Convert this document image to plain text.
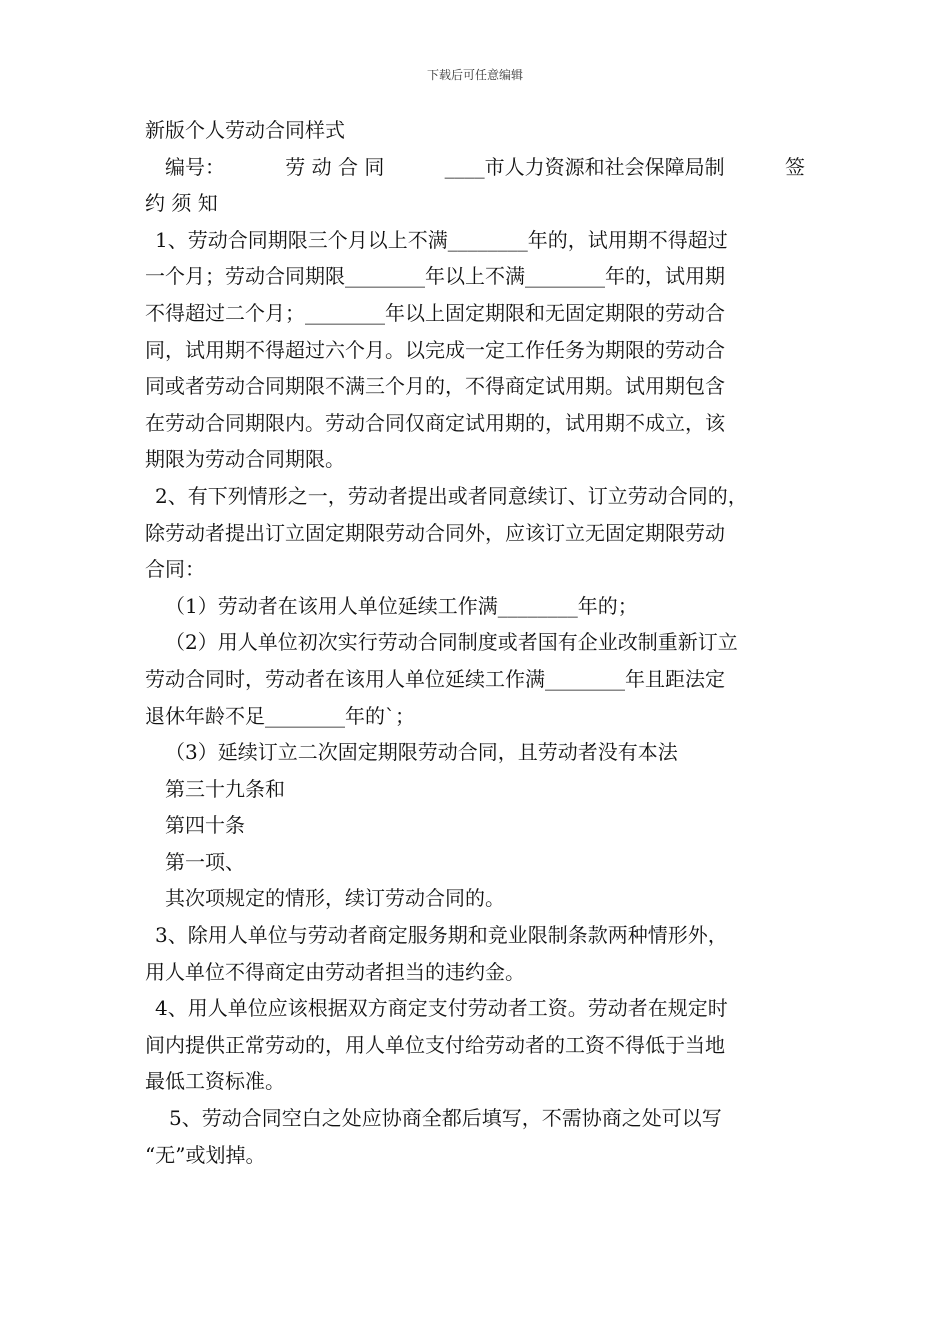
下载后可任意编辑

新版个人劳动合同样式

编号：	劳 动 合 同	____市人力资源和社会保障局制	签

约 须 知

1、劳动合同期限三个月以上不满________年的，试用期不得超过

一个月；劳动合同期限________年以上不满________年的，试用期

不得超过二个月；________年以上固定期限和无固定期限的劳动合

同，试用期不得超过六个月。以完成一定工作任务为期限的劳动合

同或者劳动合同期限不满三个月的，不得商定试用期。试用期包含

在劳动合同期限内。劳动合同仅商定试用期的，试用期不成立，该

期限为劳动合同期限。

2、有下列情形之一，劳动者提出或者同意续订、订立劳动合同的，

除劳动者提出订立固定期限劳动合同外，应该订立无固定期限劳动

合同：

（1）劳动者在该用人单位延续工作满________年的；

（2）用人单位初次实行劳动合同制度或者国有企业改制重新订立

劳动合同时，劳动者在该用人单位延续工作满________年且距法定

退休年龄不足________年的`；

（3）延续订立二次固定期限劳动合同，且劳动者没有本法

第三十九条和

第四十条

第一项、

其次项规定的情形，续订劳动合同的。

3、除用人单位与劳动者商定服务期和竞业限制条款两种情形外，

用人单位不得商定由劳动者担当的违约金。

4、用人单位应该根据双方商定支付劳动者工资。劳动者在规定时

间内提供正常劳动的，用人单位支付给劳动者的工资不得低于当地

最低工资标准。

5、劳动合同空白之处应协商全都后填写，不需协商之处可以写

“无”或划掉。
